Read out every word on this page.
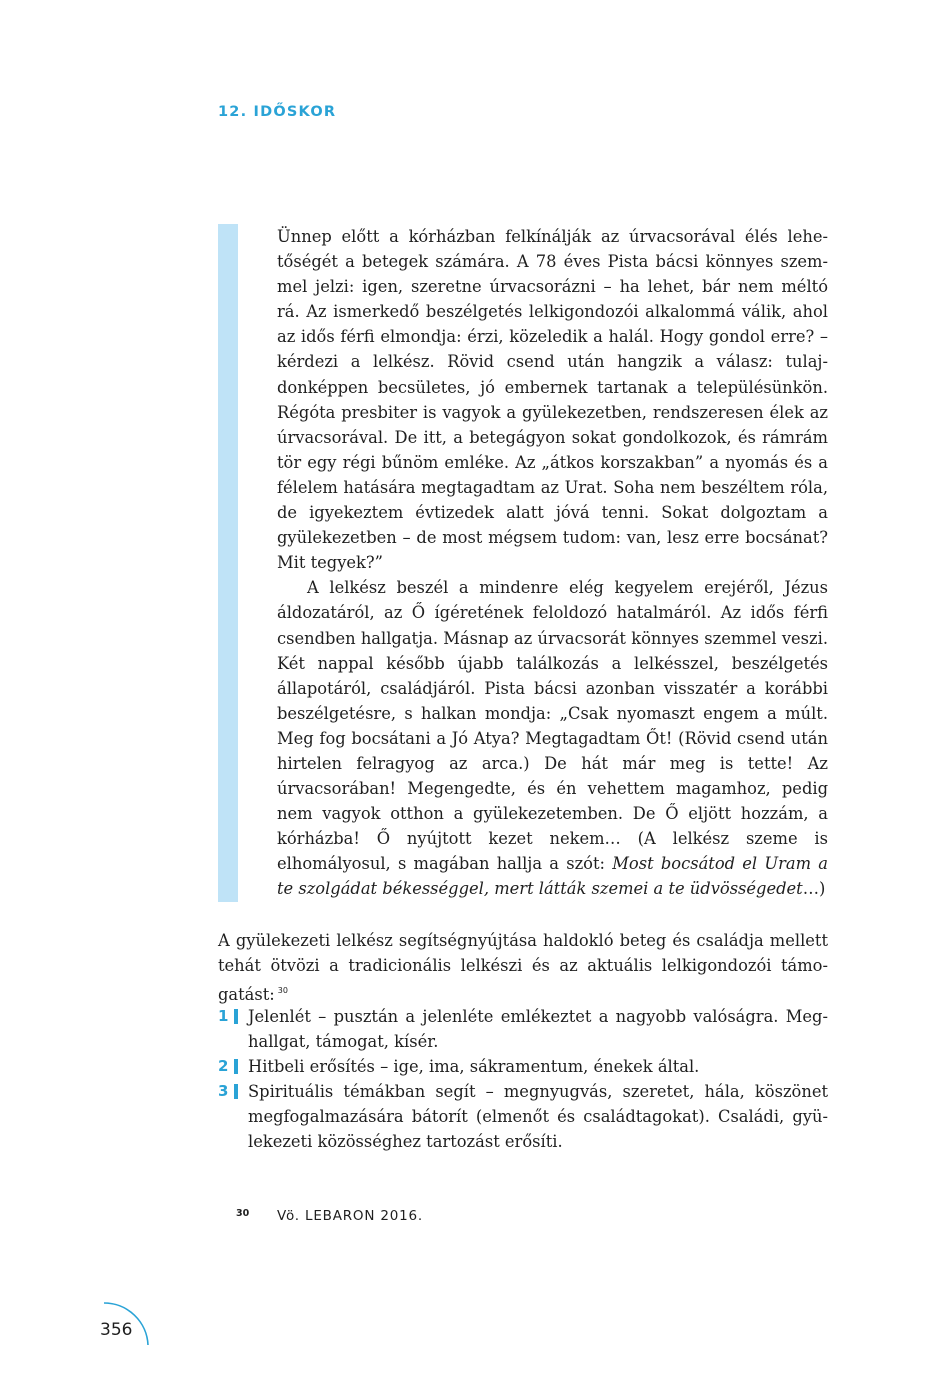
12. IDŐSKOR

Ünnep előtt a kórházban felkínálják az úrvacsorával élés lehetőségét a betegek számára. A 78 éves Pista bácsi könnyes szemmel jelzi: igen, szeretne úrvacsorázni – ha lehet, bár nem méltó rá. Az ismerkedő beszélgetés lelkigondozói alkalommá válik, ahol az idős férfi elmondja: érzi, közeledik a halál. Hogy gondol erre? – kérdezi a lelkész. Rövid csend után hangzik a válasz: tulajdonképpen becsületes, jó embernek tartanak a településünkön. Régóta presbiter is vagyok a gyülekezetben, rendszeresen élek az úrvacsorával. De itt, a betegágyon sokat gondolkozok, és rámrám tör egy régi bűnöm emléke. Az „átkos korszakban” a nyomás és a félelem hatására megtagadtam az Urat. Soha nem beszéltem róla, de igyekeztem évtizedek alatt jóvá tenni. Sokat dolgoztam a gyülekezetben – de most mégsem tudom: van, lesz erre bocsánat? Mit tegyek?”

A lelkész beszél a mindenre elég kegyelem erejéről, Jézus áldozatáról, az Ő ígéretének feloldozó hatalmáról. Az idős férfi csendben hallgatja. Másnap az úrvacsorát könnyes szemmel veszi. Két nappal később újabb találkozás a lelkésszel, beszélgetés állapotáról, családjáról. Pista bácsi azonban visszatér a korábbi beszélgetésre, s halkan mondja: „Csak nyomaszt engem a múlt. Meg fog bocsátani a Jó Atya? Megtagadtam Őt! (Rövid csend után hirtelen felragyog az arca.) De hát már meg is tette! Az úrvacsorában! Megengedte, és én vehettem magamhoz, pedig nem vagyok otthon a gyülekezetemben. De Ő eljött hozzám, a kórházba! Ő nyújtott kezet nekem… (A lelkész szeme is elhomályosul, s magában hallja a szót: Most bocsátod el Uram a te szolgádat békességgel, mert látták szemei a te üdvösségedet…)

A gyülekezeti lelkész segítségnyújtása haldokló beteg és családja mellett tehát ötvözi a tradicionális lelkészi és az aktuális lelkigondozói támogatást: $^{30}$

1 Jelenlét – pusztán a jelenléte emlékeztet a nagyobb valóságra. Meghallgat, támogat, kísér.
2 Hitbeli erősítés – ige, ima, sákramentum, énekek által.
3 Spirituális témákban segít – megnyugvás, szeretet, hála, köszönet megfogalmazására bátorít (elmenőt és családtagokat). Családi, gyülekezeti közösséghez tartozást erősíti.
30 Vö. LEBARON 2016.
356
